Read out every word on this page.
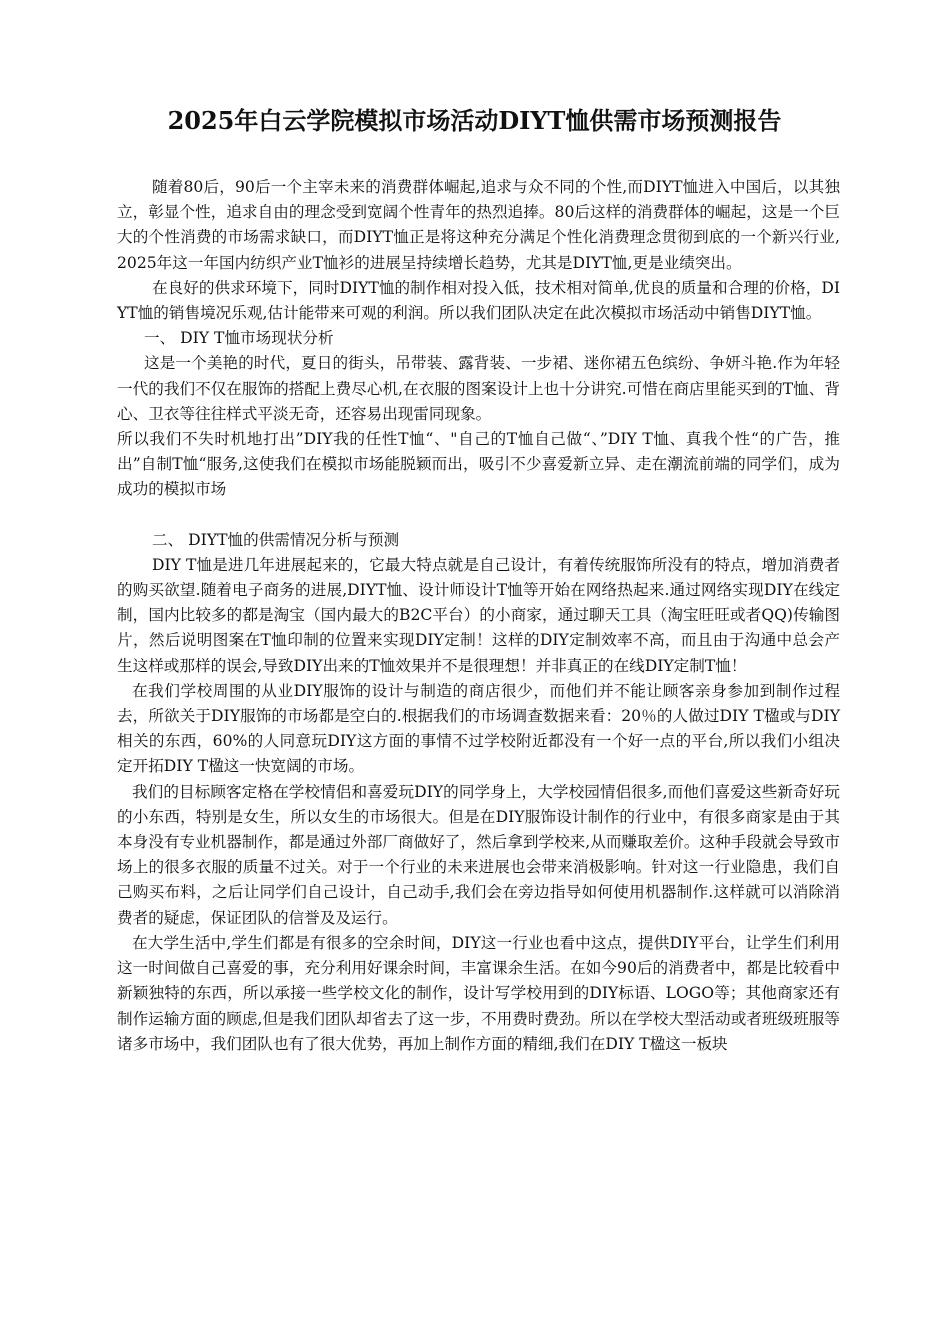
2025年白云学院模拟市场活动DIYT恤供需市场预测报告

随着80后，90后一个主宰未来的消费群体崛起,追求与众不同的个性,而DIYT恤进入中国后，以其独立，彰显个性，追求自由的理念受到宽阔个性青年的热烈追捧。80后这样的消费群体的崛起，这是一个巨大的个性消费的市场需求缺口，而DIYT恤正是将这种充分满足个性化消费理念贯彻到底的一个新兴行业, 2025年这一年国内纺织产业T恤衫的进展呈持续增长趋势，尤其是DIYT恤,更是业绩突出。

在良好的供求环境下，同时DIYT恤的制作相对投入低，技术相对简单,优良的质量和合理的价格，DIYT恤的销售境况乐观,估计能带来可观的利润。所以我们团队决定在此次模拟市场活动中销售DIYT恤。

一、 DIY T恤市场现状分析

这是一个美艳的时代，夏日的街头，吊带装、露背装、一步裙、迷你裙五色缤纷、争妍斗艳.作为年轻一代的我们不仅在服饰的搭配上费尽心机,在衣服的图案设计上也十分讲究.可惜在商店里能买到的T恤、背心、卫衣等往往样式平淡无奇，还容易出现雷同现象。

所以我们不失时机地打出”DIY我的任性T恤“、"自己的T恤自己做“、”DIY T恤、真我个性“的广告，推出”自制T恤“服务,这使我们在模拟市场能脱颖而出，吸引不少喜爱新立异、走在潮流前端的同学们，成为成功的模拟市场

二、 DIYT恤的供需情况分析与预测

DIY T恤是进几年进展起来的，它最大特点就是自己设计，有着传统服饰所没有的特点，增加消费者的购买欲望.随着电子商务的进展,DIYT恤、设计师设计T恤等开始在网络热起来.通过网络实现DIY在线定制，国内比较多的都是淘宝（国内最大的B2C平台）的小商家，通过聊天工具（淘宝旺旺或者QQ)传输图片，然后说明图案在T恤印制的位置来实现DIY定制！这样的DIY定制效率不高，而且由于沟通中总会产生这样或那样的误会,导致DIY出来的T恤效果并不是很理想！并非真正的在线DIY定制T恤！

在我们学校周围的从业DIY服饰的设计与制造的商店很少，而他们并不能让顾客亲身参加到制作过程去，所欲关于DIY服饰的市场都是空白的.根据我们的市场调查数据来看：20％的人做过DIY T楹或与DIY相关的东西，60%的人同意玩DIY这方面的事情不过学校附近都没有一个好一点的平台,所以我们小组决定开拓DIY T楹这一快宽阔的市场。

我们的目标顾客定格在学校情侣和喜爱玩DIY的同学身上，大学校园情侣很多,而他们喜爱这些新奇好玩的小东西，特别是女生，所以女生的市场很大。但是在DIY服饰设计制作的行业中，有很多商家是由于其本身没有专业机器制作，都是通过外部厂商做好了，然后拿到学校来,从而赚取差价。这种手段就会导致市场上的很多衣服的质量不过关。对于一个行业的未来进展也会带来消极影响。针对这一行业隐患，我们自己购买布料，之后让同学们自己设计，自己动手,我们会在旁边指导如何使用机器制作.这样就可以消除消费者的疑虑，保证团队的信誉及及运行。

在大学生活中,学生们都是有很多的空余时间，DIY这一行业也看中这点，提供DIY平台，让学生们利用这一时间做自己喜爱的事，充分利用好课余时间，丰富课余生活。在如今90后的消费者中，都是比较看中新颖独特的东西，所以承接一些学校文化的制作，设计写学校用到的DIY标语、LOGO等；其他商家还有制作运输方面的顾虑,但是我们团队却省去了这一步，不用费时费劲。所以在学校大型活动或者班级班服等诸多市场中，我们团队也有了很大优势，再加上制作方面的精细,我们在DIY T楹这一板块
